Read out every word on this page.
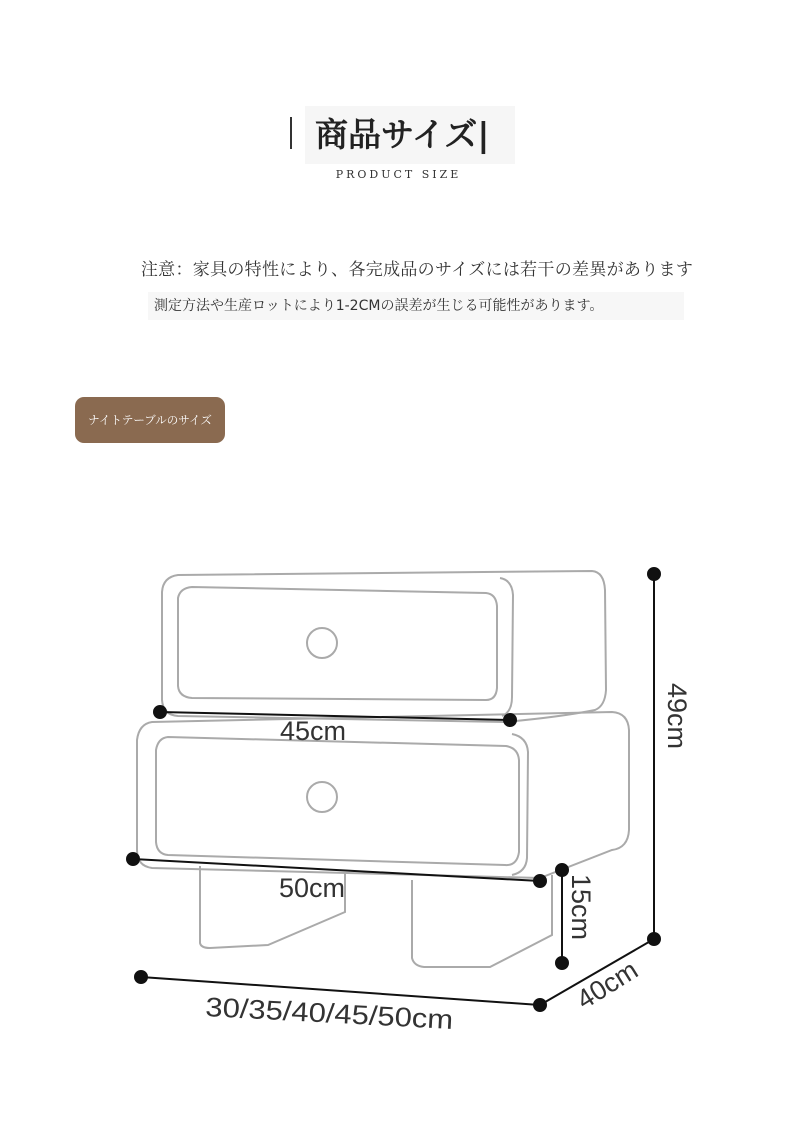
商品サイズ|
PRODUCT SIZE
注意：家具の特性により、各完成品のサイズには若干の差異があります
測定方法や生産ロットにより1-2CMの誤差が生じる可能性があります。
ナイトテーブルのサイズ
45cm
50cm
30/35/40/45/50cm
15cm
49cm
40cm
